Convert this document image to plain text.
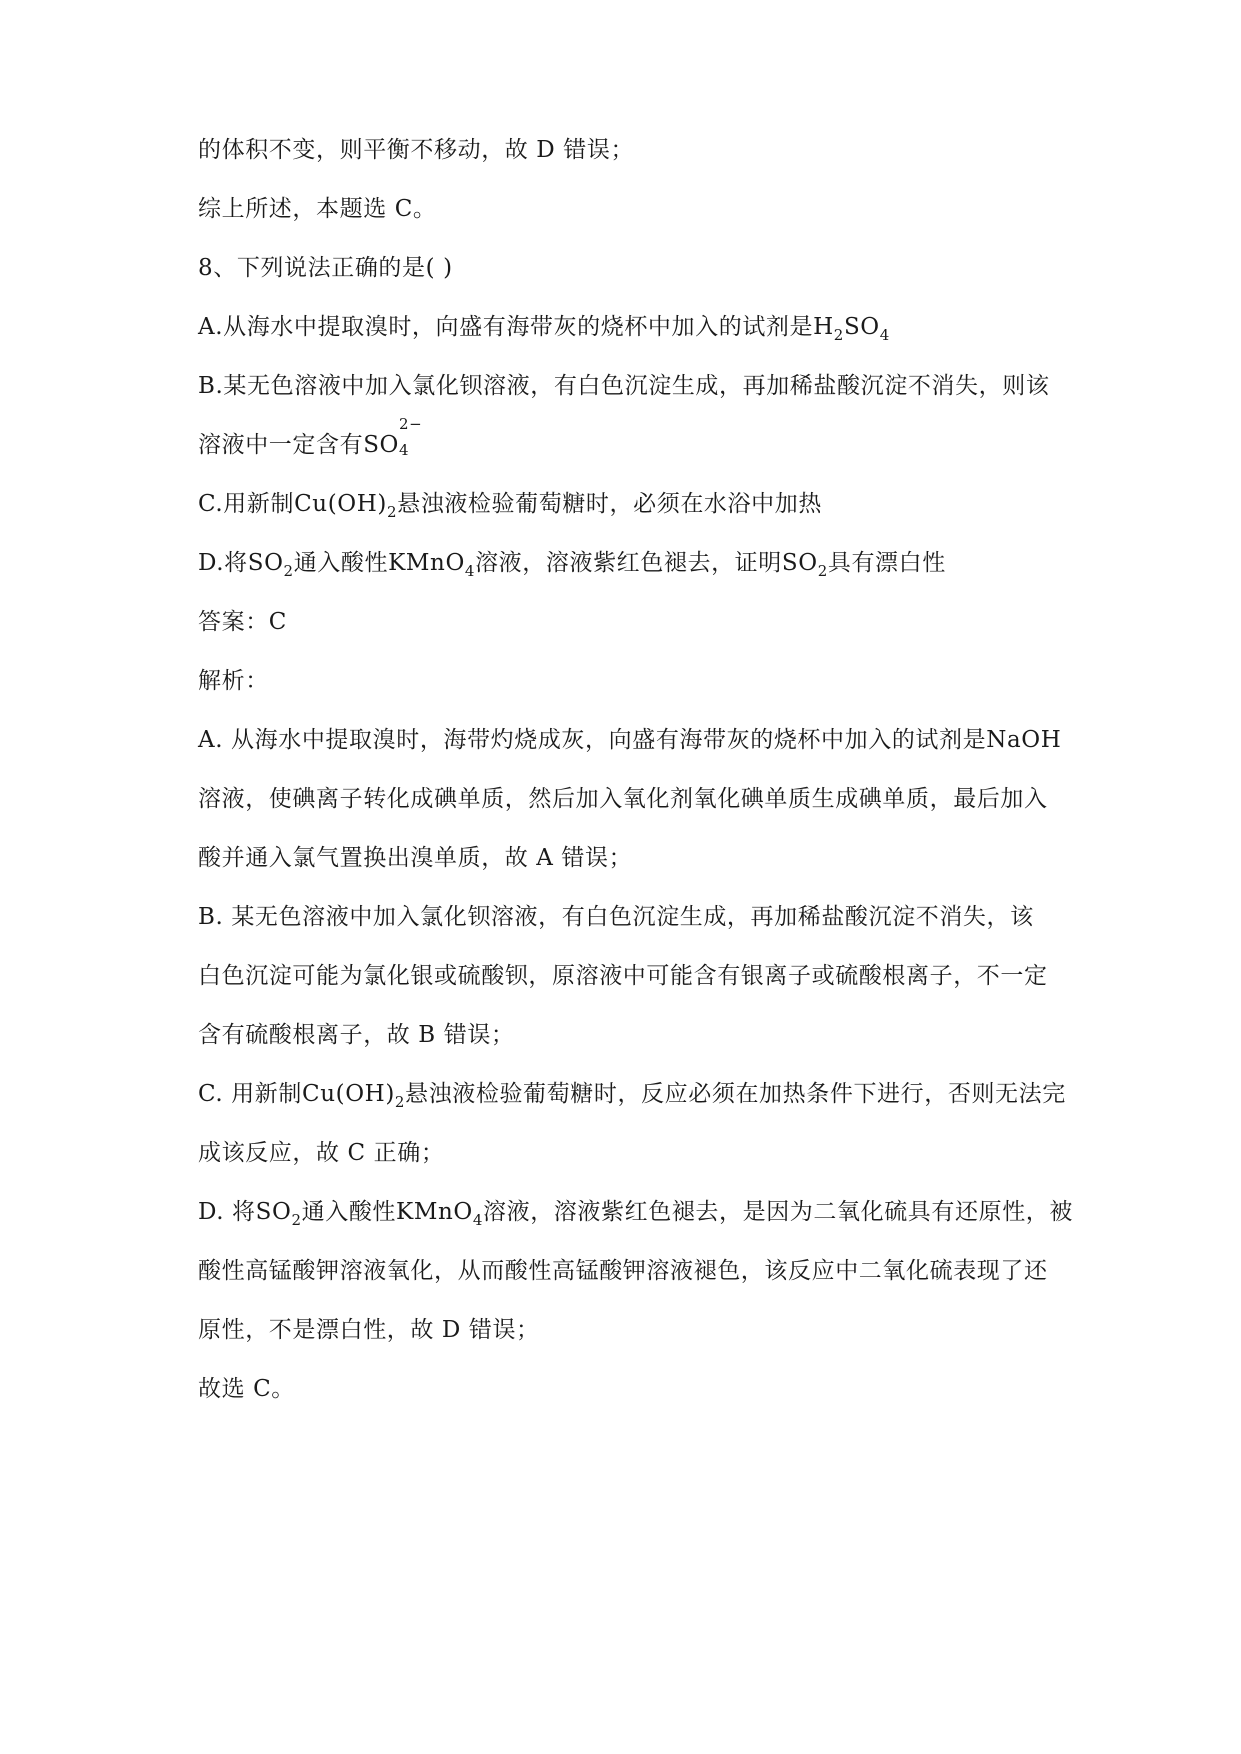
的体积不变，则平衡不移动，故 D 错误；

综上所述，本题选 C。

8、下列说法正确的是( )

A.从海水中提取溴时，向盛有海带灰的烧杯中加入的试剂是$H_2SO_4$

B.某无色溶液中加入氯化钡溶液，有白色沉淀生成，再加稀盐酸沉淀不消失，则该

溶液中一定含有SO
2−
4

C.用新制$Cu(OH)_2$悬浊液检验葡萄糖时，必须在水浴中加热

D.将$SO_2$通入酸性KMnO$_4$溶液，溶液紫红色褪去，证明$SO_2$具有漂白性

答案：C

解析：

A. 从海水中提取溴时，海带灼烧成灰，向盛有海带灰的烧杯中加入的试剂是NaOH

溶液，使碘离子转化成碘单质，然后加入氧化剂氧化碘单质生成碘单质，最后加入

酸并通入氯气置换出溴单质，故 A 错误；

B. 某无色溶液中加入氯化钡溶液，有白色沉淀生成，再加稀盐酸沉淀不消失，该

白色沉淀可能为氯化银或硫酸钡，原溶液中可能含有银离子或硫酸根离子，不一定

含有硫酸根离子，故 B 错误；

C. 用新制$Cu(OH)_2$悬浊液检验葡萄糖时，反应必须在加热条件下进行，否则无法完

成该反应，故 C 正确；

D. 将$SO_2$通入酸性KMnO$_4$溶液，溶液紫红色褪去，是因为二氧化硫具有还原性，被

酸性高锰酸钾溶液氧化，从而酸性高锰酸钾溶液褪色，该反应中二氧化硫表现了还

原性，不是漂白性，故 D 错误；

故选 C。
